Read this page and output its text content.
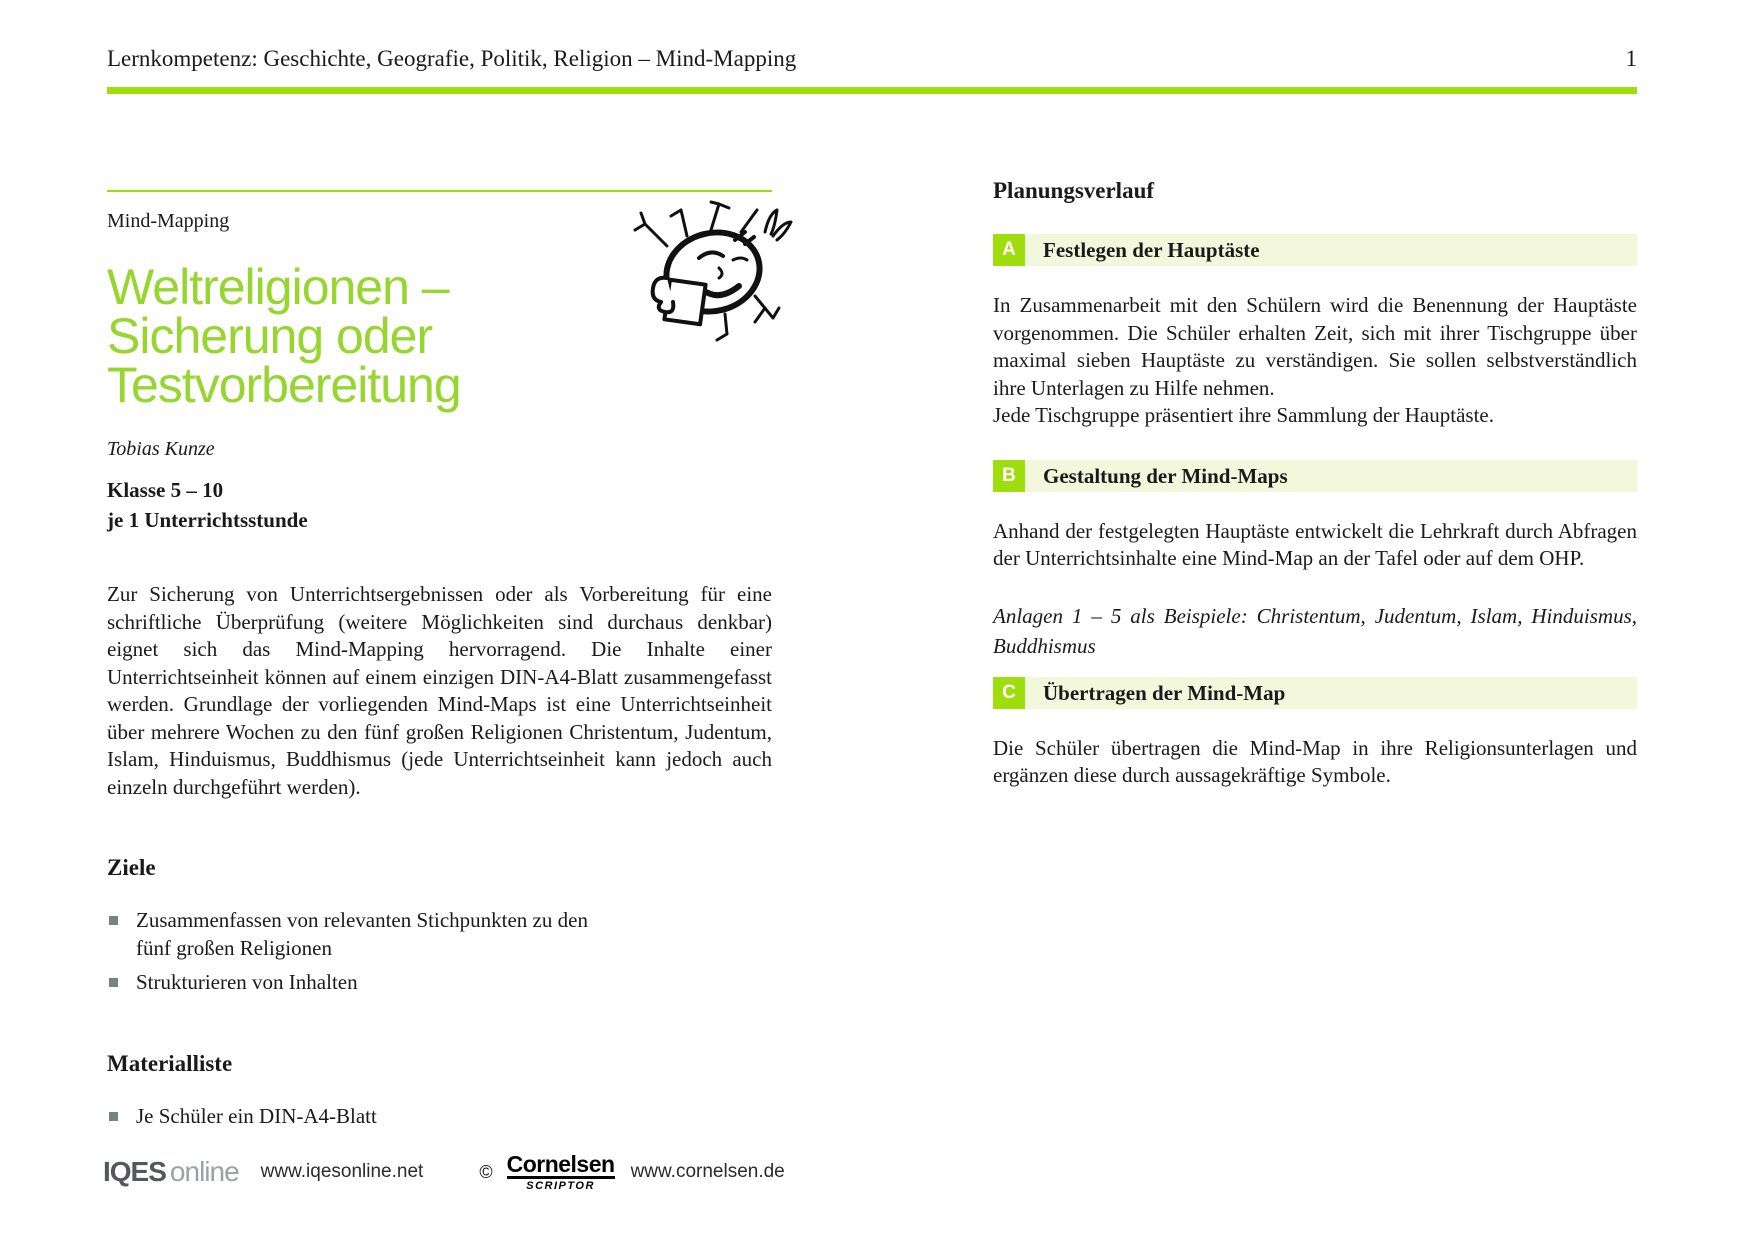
Lernkompetenz: Geschichte, Geografie, Politik, Religion – Mind-Mapping	1
Mind-Mapping
Weltreligionen –
Sicherung oder
Testvorbereitung
Tobias Kunze
Klasse 5 – 10
je 1 Unterrichtsstunde

Zur Sicherung von Unterrichtsergebnissen oder als Vorbereitung für eine schriftliche Überprüfung (weitere Möglichkeiten sind durchaus denkbar) eignet sich das Mind-Mapping hervorragend. Die Inhalte einer Unterrichtseinheit können auf einem einzigen DIN-A4-Blatt zusammengefasst werden. Grundlage der vorliegenden Mind-Maps ist eine Unterrichtseinheit über mehrere Wochen zu den fünf großen Religionen Christentum, Judentum, Islam, Hinduismus, Buddhismus (jede Unterrichtseinheit kann jedoch auch einzeln durchgeführt werden).

Ziele
Zusammenfassen von relevanten Stichpunkten zu den fünf großen Religionen
Strukturieren von Inhalten
Materialliste
Je Schüler ein DIN-A4-Blatt
Planungsverlauf
A	Festlegen der Hauptäste

In Zusammenarbeit mit den Schülern wird die Benennung der Hauptäste vorgenommen. Die Schüler erhalten Zeit, sich mit ihrer Tischgruppe über maximal sieben Hauptäste zu verständigen. Sie sollen selbstverständlich ihre Unterlagen zu Hilfe nehmen.

Jede Tischgruppe präsentiert ihre Sammlung der Hauptäste.

B	Gestaltung der Mind-Maps

Anhand der festgelegten Hauptäste entwickelt die Lehrkraft durch Abfragen der Unterrichtsinhalte eine Mind-Map an der Tafel oder auf dem OHP.

Anlagen 1 – 5 als Beispiele: Christentum, Judentum, Islam, Hinduismus, Buddhismus

C	Übertragen der Mind-Map

Die Schüler übertragen die Mind-Map in ihre Religionsunterlagen und ergänzen diese durch aussagekräftige Symbole.

IQES online www.iqesonline.net	© Cornelsen
SCRIPTOR
www.cornelsen.de
